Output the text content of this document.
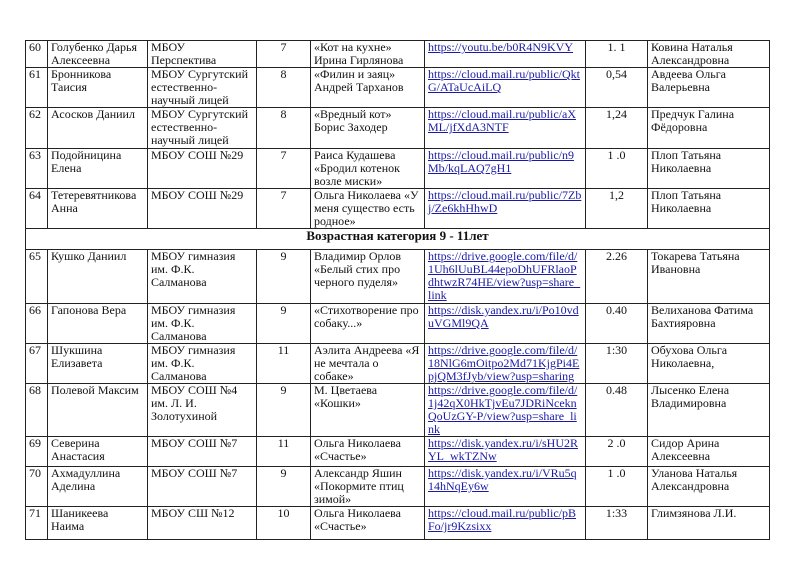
60	Голубенко Дарья Алексеевна	МБОУ Перспектива	7	«Кот на кухне» Ирина Гирлянова	https://youtu.be/b0R4N9KVY	1. 1	Ковина Наталья Александровна
61	Бронникова Таисия	МБОУ Сургутский естественно-научный лицей	8	«Филин и заяц» Андрей Тарханов	https://cloud.mail.ru/public/QktG/ATaUcAiLQ	0,54	Авдеева Ольга Валерьевна
62	Асосков Даниил	МБОУ Сургутский естественно-научный лицей	8	«Вредный кот» Борис Заходер	https://cloud.mail.ru/public/aXML/jfXdA3NTF	1,24	Предчук Галина Фёдоровна
63	Подойницина Елена	МБОУ СОШ №29	7	Раиса Кудашева «Бродил котенок возле миски»	https://cloud.mail.ru/public/n9Mb/kqLAQ7gH1	1 .0	Плоп Татьяна Николаевна
64	Тетеревятникова Анна	МБОУ СОШ №29	7	Ольга Николаева «У меня существо есть родное»	https://cloud.mail.ru/public/7Zbj/Ze6khHhwD	1,2	Плоп Татьяна Николаевна
Возрастная категория 9 - 11лет							
65	Кушко Даниил	МБОУ гимназия им. Ф.К. Салманова	9	Владимир Орлов «Белый стих про черного пуделя»	https://drive.google.com/file/d/1Uh6lUuBL44epoDhUFRlaoPdhtwzR74HE/view?usp=share_link	2.26	Токарева Татьяна Ивановна
66	Гапонова Вера	МБОУ гимназия им. Ф.К. Салманова	9	«Стихотворение про собаку...»	https://disk.yandex.ru/i/Po10vduVGMl9QA	0.40	Велиханова Фатима Бахтияровна
67	Шукшина Елизавета	МБОУ гимназия им. Ф.К. Салманова	11	Аэлита Андреева «Я не мечтала о собаке»	https://drive.google.com/file/d/18NlG6mOitpo2Md71KjgPi4EpjQM3fJyb/view?usp=sharing	1:30	Обухова Ольга Николаевна,
68	Полевой Максим	МБОУ СОШ №4 им. Л. И. Золотухиной	9	М. Цветаева «Кошки»	https://drive.google.com/file/d/1j42qX0HkTjvEu7JDRiNceknQoUzGY-P/view?usp=share_link	0.48	Лысенко Елена Владимировна
69	Северина Анастасия	МБОУ СОШ №7	11	Ольга Николаева «Счастье»	https://disk.yandex.ru/i/sHU2RYL_wkTZNw	2 .0	Сидор Арина Алексеевна
70	Ахмадуллина Аделина	МБОУ СОШ №7	9	Александр Яшин «Покормите птиц зимой»	https://disk.yandex.ru/i/VRu5q14hNqEy6w	1 .0	Уланова Наталья Александровна
71	Шаникеева Наима	МБОУ СШ №12	10	Ольга Николаева «Счастье»	https://cloud.mail.ru/public/pBFo/jr9Kzsixx	1:33	Глимзянова Л.И.
